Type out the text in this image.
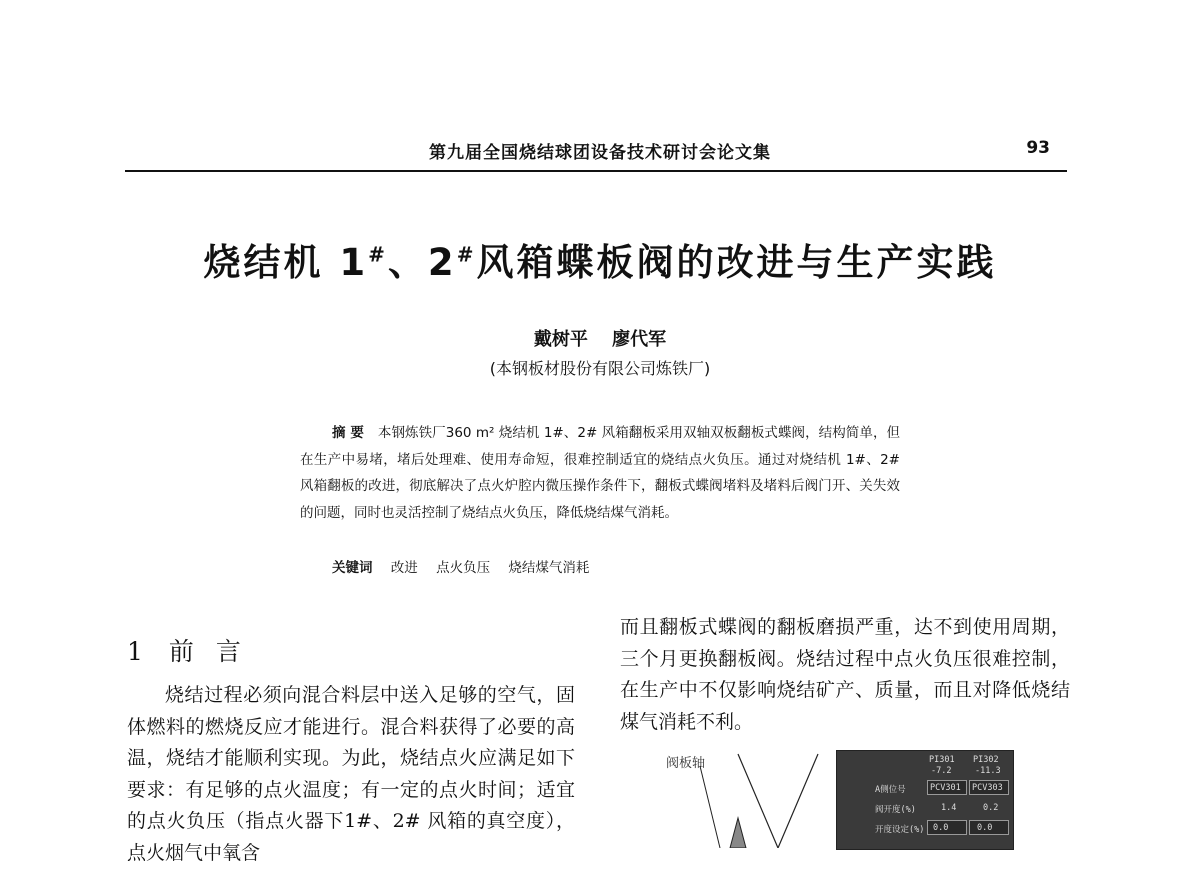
第九届全国烧结球团设备技术研讨会论文集	93
烧结机 1#、2#风箱蝶板阀的改进与生产实践
戴树平 廖代军
(本钢板材股份有限公司炼铁厂)
摘 要 本钢炼铁厂360 m² 烧结机 1#、2# 风箱翻板采用双轴双板翻板式蝶阀，结构简单，但在生产中易堵，堵后处理难、使用寿命短，很难控制适宜的烧结点火负压。通过对烧结机 1#、2# 风箱翻板的改进，彻底解决了点火炉腔内微压操作条件下，翻板式蝶阀堵料及堵料后阀门开、关失效的问题，同时也灵活控制了烧结点火负压，降低烧结煤气消耗。
关键词 改进 点火负压 烧结煤气消耗
1 前言

烧结过程必须向混合料层中送入足够的空气，固体燃料的燃烧反应才能进行。混合料获得了必要的高温，烧结才能顺利实现。为此，烧结点火应满足如下要求：有足够的点火温度；有一定的点火时间；适宜的点火负压（指点火器下1#、2# 风箱的真空度），点火烟气中氧含

而且翻板式蝶阀的翻板磨损严重，达不到使用周期，三个月更换翻板阀。烧结过程中点火负压很难控制，在生产中不仅影响烧结矿产、质量，而且对降低烧结煤气消耗不利。

阀板轴	PI301 PI302
-7.2	-11.3
A侧位号	PCV301 PCV303
阀开度(%)	1.4	0.2
开度设定(%) 0.0	0.0
